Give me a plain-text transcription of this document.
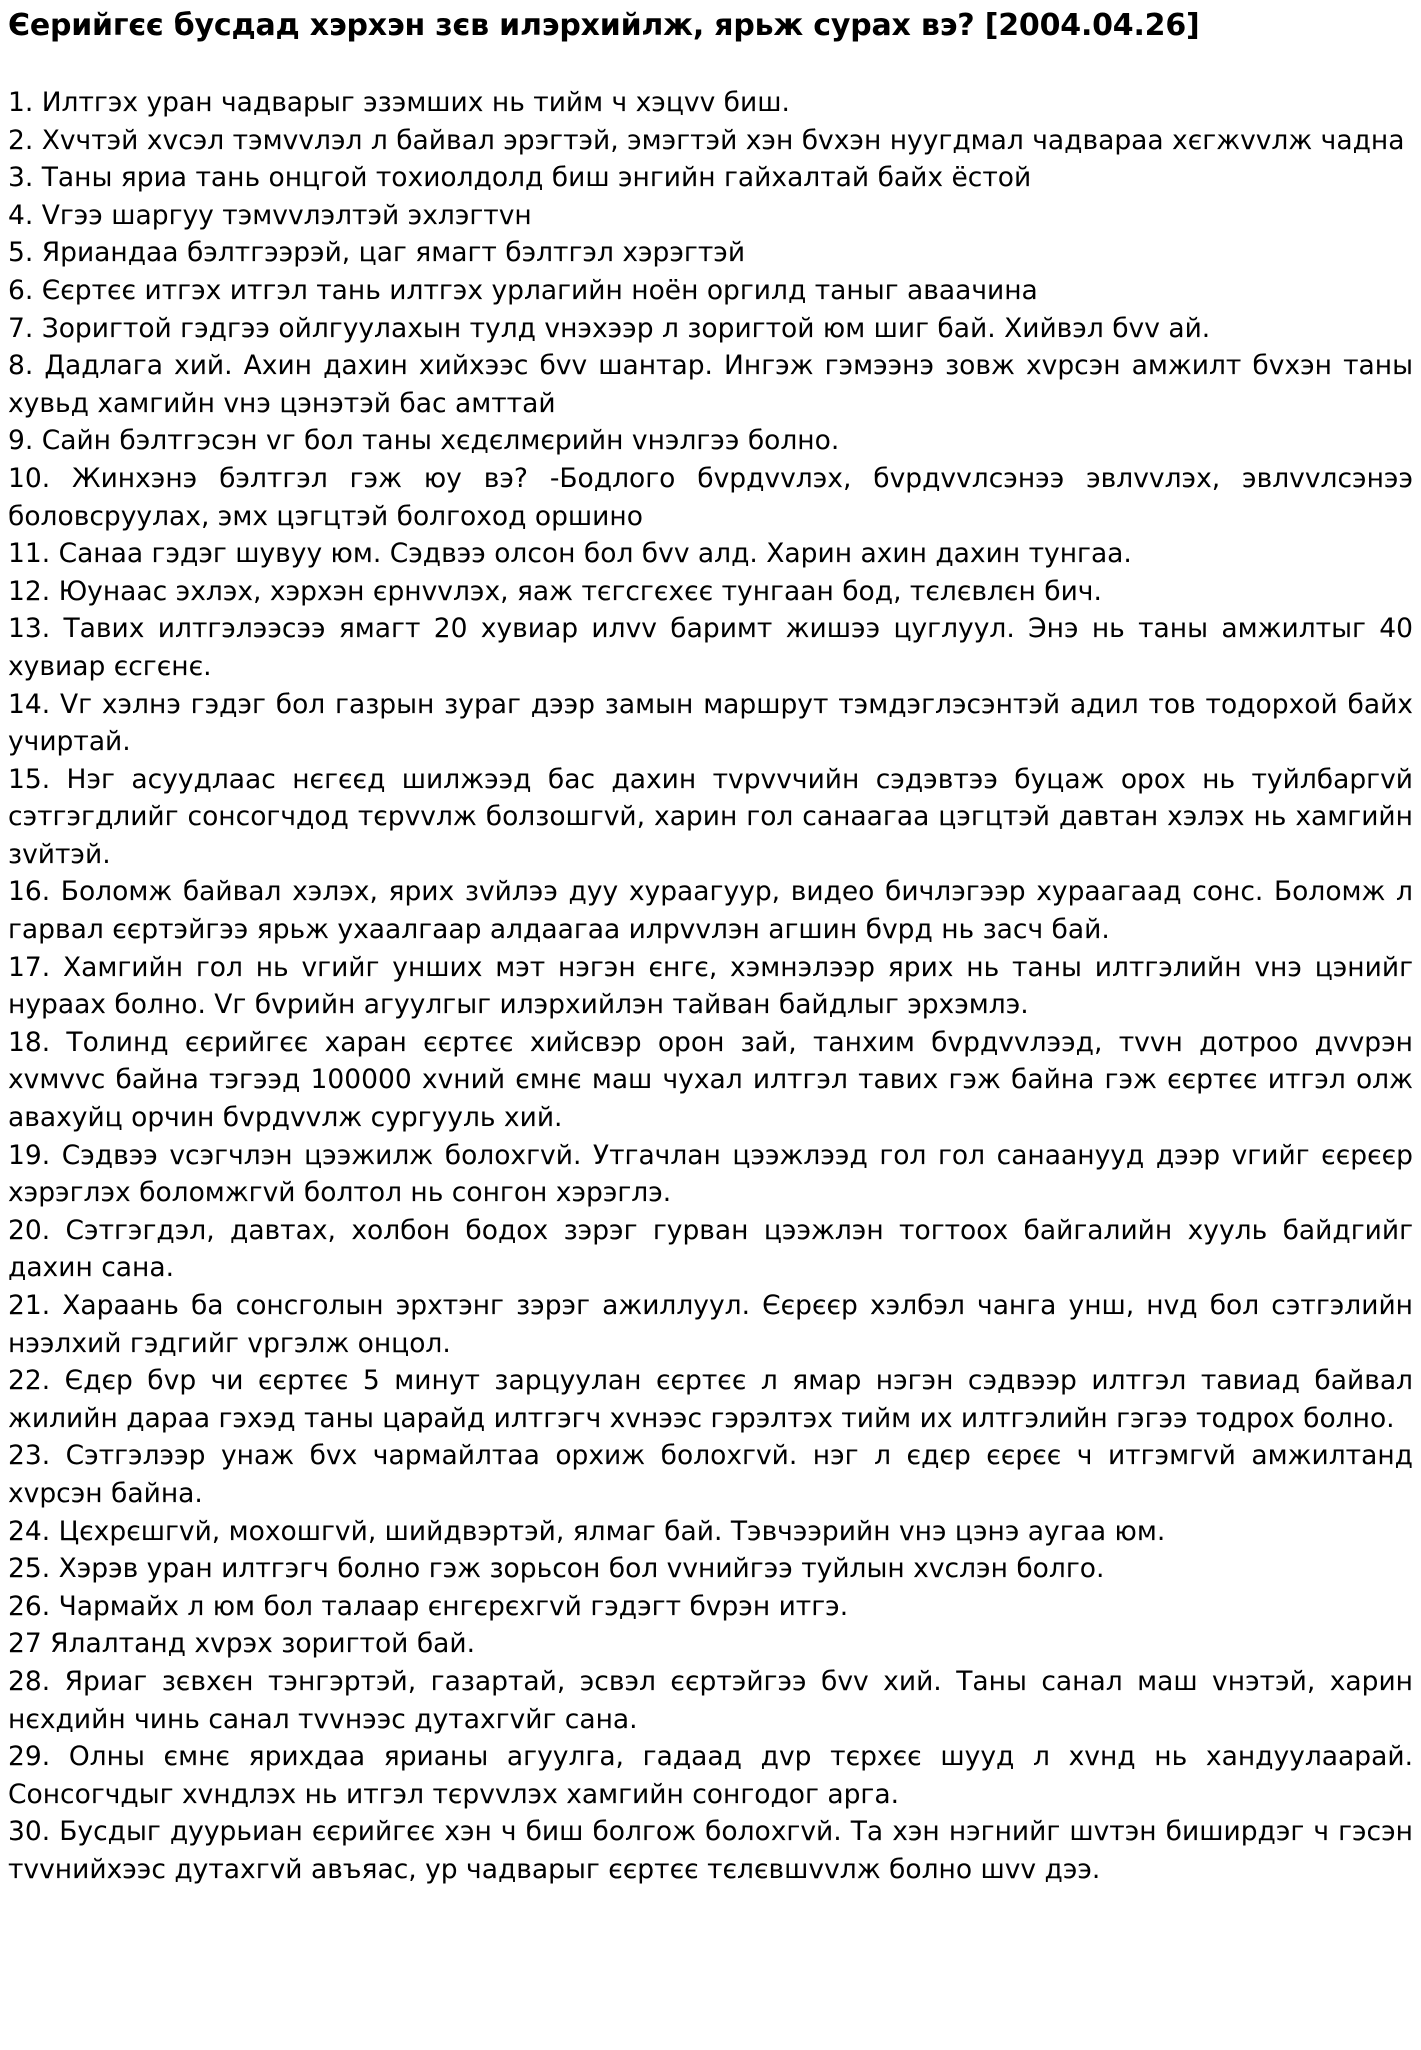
Єерийгєє бусдад хэрхэн зєв илэрхийлж, ярьж сурах вэ? [2004.04.26]

1. Илтгэх уран чадварыг эзэмших нь тийм ч хэцvv биш.

2. Хvчтэй хvсэл тэмvvлэл л байвал эрэгтэй, эмэгтэй хэн бvхэн нуугдмал чадвараа хєгжvvлж чадна

3. Таны яриа тань онцгой тохиолдолд биш энгийн гайхалтай байх ёстой

4. Vгээ шаргуу тэмvvлэлтэй эхлэгтvн

5. Яриандаа бэлтгээрэй, цаг ямагт бэлтгэл хэрэгтэй

6. Єєртєє итгэх итгэл тань илтгэх урлагийн ноён оргилд таныг аваачина

7. Зоригтой гэдгээ ойлгуулахын тулд vнэхээр л зоригтой юм шиг бай. Хийвэл бvv ай.

8. Дадлага хий. Ахин дахин хийхээс бvv шантар. Ингэж гэмээнэ зовж хvрсэн амжилт бvхэн таны хувьд хамгийн vнэ цэнэтэй бас амттай

9. Сайн бэлтгэсэн vг бол таны хєдєлмєрийн vнэлгээ болно.

10. Жинхэнэ бэлтгэл гэж юу вэ? -Бодлого бvрдvvлэх, бvрдvvлсэнээ эвлvvлэх, эвлvvлсэнээ боловсруулах, эмх цэгцтэй болгоход оршино

11. Санаа гэдэг шувуу юм. Сэдвээ олсон бол бvv алд. Харин ахин дахин тунгаа.

12. Юунаас эхлэх, хэрхэн єрнvvлэх, яаж тєгсгєхєє тунгаан бод, тєлєвлєн бич.

13. Тавих илтгэлээсээ ямагт 20 хувиар илvv баримт жишээ цуглуул. Энэ нь таны амжилтыг 40 хувиар єсгєнє.

14. Vг хэлнэ гэдэг бол газрын зураг дээр замын маршрут тэмдэглэсэнтэй адил тов тодорхой байх учиртай.

15. Нэг асуудлаас нєгєєд шилжээд бас дахин тvрvvчийн сэдэвтээ буцаж орох нь туйлбаргvй сэтгэгдлийг сонсогчдод тєрvvлж болзошгvй, харин гол санаагаа цэгцтэй давтан хэлэх нь хамгийн зvйтэй.

16. Боломж байвал хэлэх, ярих зvйлээ дуу хураагуур, видео бичлэгээр хураагаад сонс. Боломж л гарвал єєртэйгээ ярьж ухаалгаар алдаагаа илрvvлэн агшин бvрд нь засч бай.

17. Хамгийн гол нь vгийг унших мэт нэгэн єнгє, хэмнэлээр ярих нь таны илтгэлийн vнэ цэнийг нураах болно. Vг бvрийн агуулгыг илэрхийлэн тайван байдлыг эрхэмлэ.

18. Толинд єєрийгєє харан єєртєє хийсвэр орон зай, танхим бvрдvvлээд, тvvн дотроо дvvрэн хvмvvс байна тэгээд 100000 хvний ємнє маш чухал илтгэл тавих гэж байна гэж єєртєє итгэл олж авахуйц орчин бvрдvvлж сургууль хий.

19. Сэдвээ vсэгчлэн цээжилж болохгvй. Утгачлан цээжлээд гол гол санаанууд дээр vгийг єєрєєр хэрэглэх боломжгvй болтол нь сонгон хэрэглэ.

20. Сэтгэгдэл, давтах, холбон бодох зэрэг гурван цээжлэн тогтоох байгалийн хууль байдгийг дахин сана.

21. Хараань ба сонсголын эрхтэнг зэрэг ажиллуул. Єєрєєр хэлбэл чанга унш, нvд бол сэтгэлийн нээлхий гэдгийг vргэлж онцол.

22. Єдєр бvр чи єєртєє 5 минут зарцуулан єєртєє л ямар нэгэн сэдвээр илтгэл тавиад байвал жилийн дараа гэхэд таны царайд илтгэгч хvнээс гэрэлтэх тийм их илтгэлийн гэгээ тодрох болно.

23. Сэтгэлээр унаж бvх чармайлтаа орхиж болохгvй. нэг л єдєр єєрєє ч итгэмгvй амжилтанд хvрсэн байна.

24. Цєхрєшгvй, мохошгvй, шийдвэртэй, ялмаг бай. Тэвчээрийн vнэ цэнэ аугаа юм.

25. Хэрэв уран илтгэгч болно гэж зорьсон бол vvнийгээ туйлын хvслэн болго.

26. Чармайх л юм бол талаар єнгєрєхгvй гэдэгт бvрэн итгэ.

27 Ялалтанд хvрэх зоригтой бай.

28. Яриаг зєвхєн тэнгэртэй, газартай, эсвэл єєртэйгээ бvv хий. Таны санал маш vнэтэй, харин нєхдийн чинь санал тvvнээс дутахгvйг сана.

29. Олны ємнє ярихдаа ярианы агуулга, гадаад дvр тєрхєє шууд л хvнд нь хандуулаарай. Сонсогчдыг хvндлэх нь итгэл тєрvvлэх хамгийн сонгодог арга.

30. Бусдыг дуурьиан єєрийгєє хэн ч биш болгож болохгvй. Та хэн нэгнийг шvтэн биширдэг ч гэсэн тvvнийхээс дутахгvй авъяас, ур чадварыг єєртєє тєлєвшvvлж болно шvv дээ.
